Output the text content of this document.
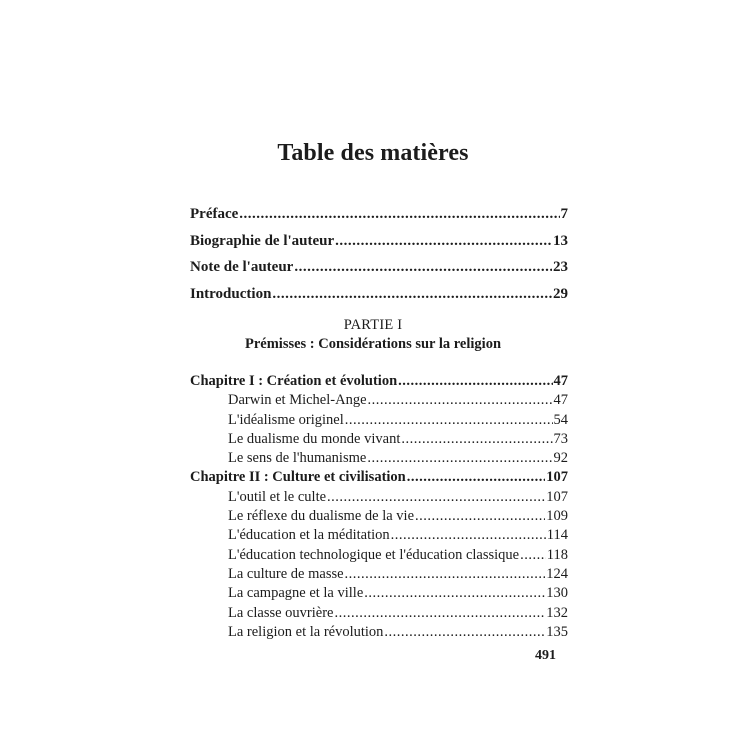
Table des matières
Préface .....	7
Biographie de l'auteur .....	13
Note de l'auteur .....	23
Introduction .....	29
PARTIE I
Prémisses : Considérations sur la religion
Chapitre I : Création et évolution .....	47
Darwin et Michel-Ange .....	47
L'idéalisme originel .....	54
Le dualisme du monde vivant .....	73
Le sens de l'humanisme .....	92
Chapitre II : Culture et civilisation .....	107
L'outil et le culte .....	107
Le réflexe du dualisme de la vie .....	109
L'éducation et la méditation .....	114
L'éducation technologique et l'éducation classique ..... 118
La culture de masse .....	124
La campagne et la ville .....	130
La classe ouvrière .....	132
La religion et la révolution .....	135
491
